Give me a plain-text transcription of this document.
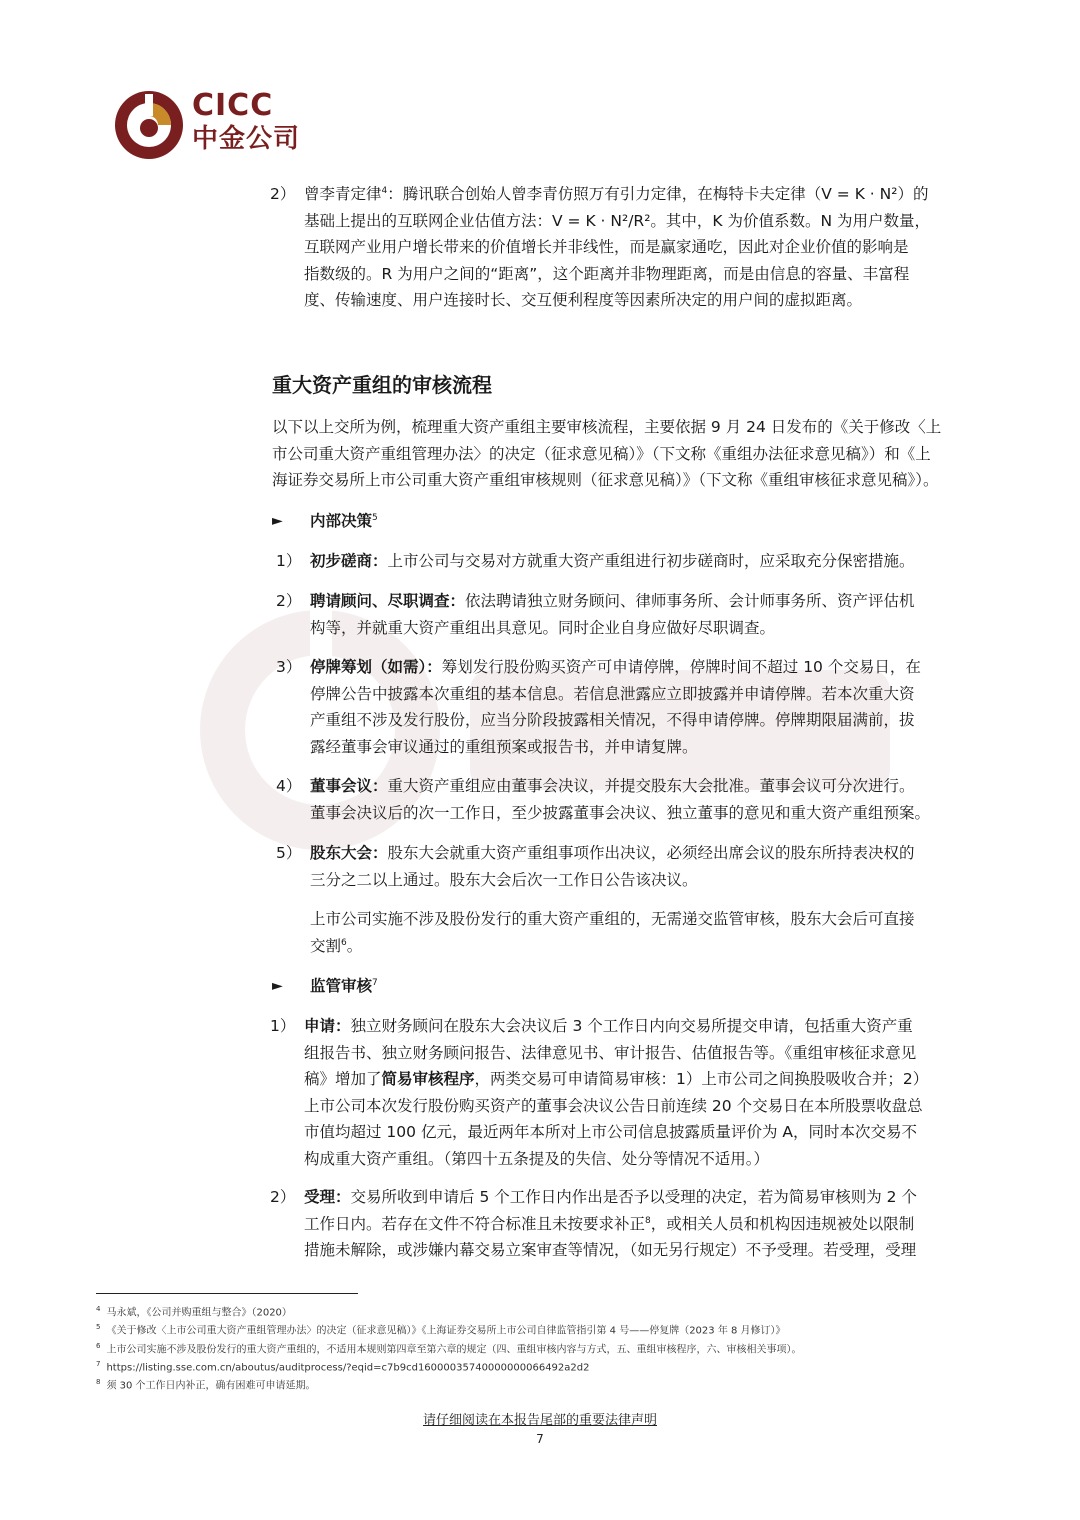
CICC
中金公司
2） 曾李青定律$^4$：腾讯联合创始人曾李青仿照万有引力定律，在梅特卡夫定律（V = K · N²）的
基础上提出的互联网企业估值方法：V = K · N²/R²。其中，K 为价值系数。N 为用户数量，
互联网产业用户增长带来的价值增长并非线性，而是赢家通吃，因此对企业价值的影响是
指数级的。R 为用户之间的“距离”，这个距离并非物理距离，而是由信息的容量、丰富程
度、传输速度、用户连接时长、交互便利程度等因素所决定的用户间的虚拟距离。
重大资产重组的审核流程
以下以上交所为例，梳理重大资产重组主要审核流程，主要依据 9 月 24 日发布的《关于修改〈上
市公司重大资产重组管理办法〉的决定（征求意见稿）》（下文称《重组办法征求意见稿》）和《上
海证券交易所上市公司重大资产重组审核规则（征求意见稿）》（下文称《重组审核征求意见稿》）。
► 内部决策$^5$
1） 初步磋商：上市公司与交易对方就重大资产重组进行初步磋商时，应采取充分保密措施。
2） 聘请顾问、尽职调查：依法聘请独立财务顾问、律师事务所、会计师事务所、资产评估机
构等，并就重大资产重组出具意见。同时企业自身应做好尽职调查。
3） 停牌筹划（如需）：筹划发行股份购买资产可申请停牌，停牌时间不超过 10 个交易日，在
停牌公告中披露本次重组的基本信息。若信息泄露应立即披露并申请停牌。若本次重大资
产重组不涉及发行股份，应当分阶段披露相关情况，不得申请停牌。停牌期限届满前，拔
露经董事会审议通过的重组预案或报告书，并申请复牌。
4） 董事会议：重大资产重组应由董事会决议，并提交股东大会批准。董事会议可分次进行。
董事会决议后的次一工作日，至少披露董事会决议、独立董事的意见和重大资产重组预案。
5） 股东大会：股东大会就重大资产重组事项作出决议，必须经出席会议的股东所持表决权的
三分之二以上通过。股东大会后次一工作日公告该决议。
上市公司实施不涉及股份发行的重大资产重组的，无需递交监管审核，股东大会后可直接
交割$^6$。
► 监管审核$^7$
1） 申请：独立财务顾问在股东大会决议后 3 个工作日内向交易所提交申请，包括重大资产重
组报告书、独立财务顾问报告、法律意见书、审计报告、估值报告等。《重组审核征求意见
稿》增加了简易审核程序，两类交易可申请简易审核：1）上市公司之间换股吸收合并；2）
上市公司本次发行股份购买资产的董事会决议公告日前连续 20 个交易日在本所股票收盘总
市值均超过 100 亿元，最近两年本所对上市公司信息披露质量评价为 A，同时本次交易不
构成重大资产重组。（第四十五条提及的失信、处分等情况不适用。）
2） 受理：交易所收到申请后 5 个工作日内作出是否予以受理的决定，若为简易审核则为 2 个
工作日内。若存在文件不符合标准且未按要求补正$^8$，或相关人员和机构因违规被处以限制
措施未解除，或涉嫌内幕交易立案审查等情况，（如无另行规定）不予受理。若受理，受理
$^4$ 马永斌，《公司并购重组与整合》（2020）
$^5$ 《关于修改〈上市公司重大资产重组管理办法〉的决定（征求意见稿）》《上海证券交易所上市公司自律监管指引第 4 号——停复牌（2023 年 8 月修订）》
$^6$ 上市公司实施不涉及股份发行的重大资产重组的，不适用本规则第四章至第六章的规定（四、重组审核内容与方式，五、重组审核程序，六、审核相关事项）。
$^7$ https://listing.sse.com.cn/aboutus/auditprocess/?eqid=c7b9cd16000035740000000066492a2d2
$^8$ 须 30 个工作日内补正，确有困难可申请延期。
请仔细阅读在本报告尾部的重要法律声明
7
